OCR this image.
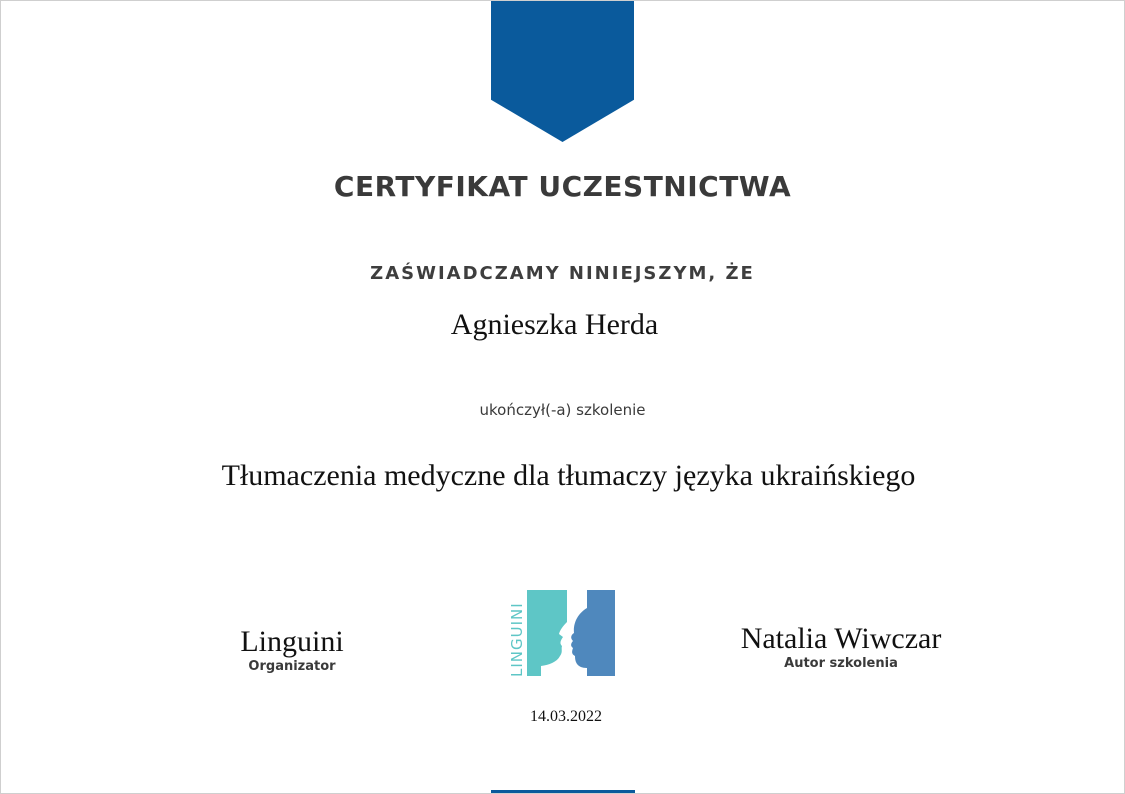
CERTYFIKAT UCZESTNICTWA
ZAŚWIADCZAMY NINIEJSZYM, ŻE
Agnieszka Herda
ukończył(-a) szkolenie
Tłumaczenia medyczne dla tłumaczy języka ukraińskiego
Linguini
Organizator	LINGUINI	Natalia Wiwczar
Autor szkolenia
14.03.2022
